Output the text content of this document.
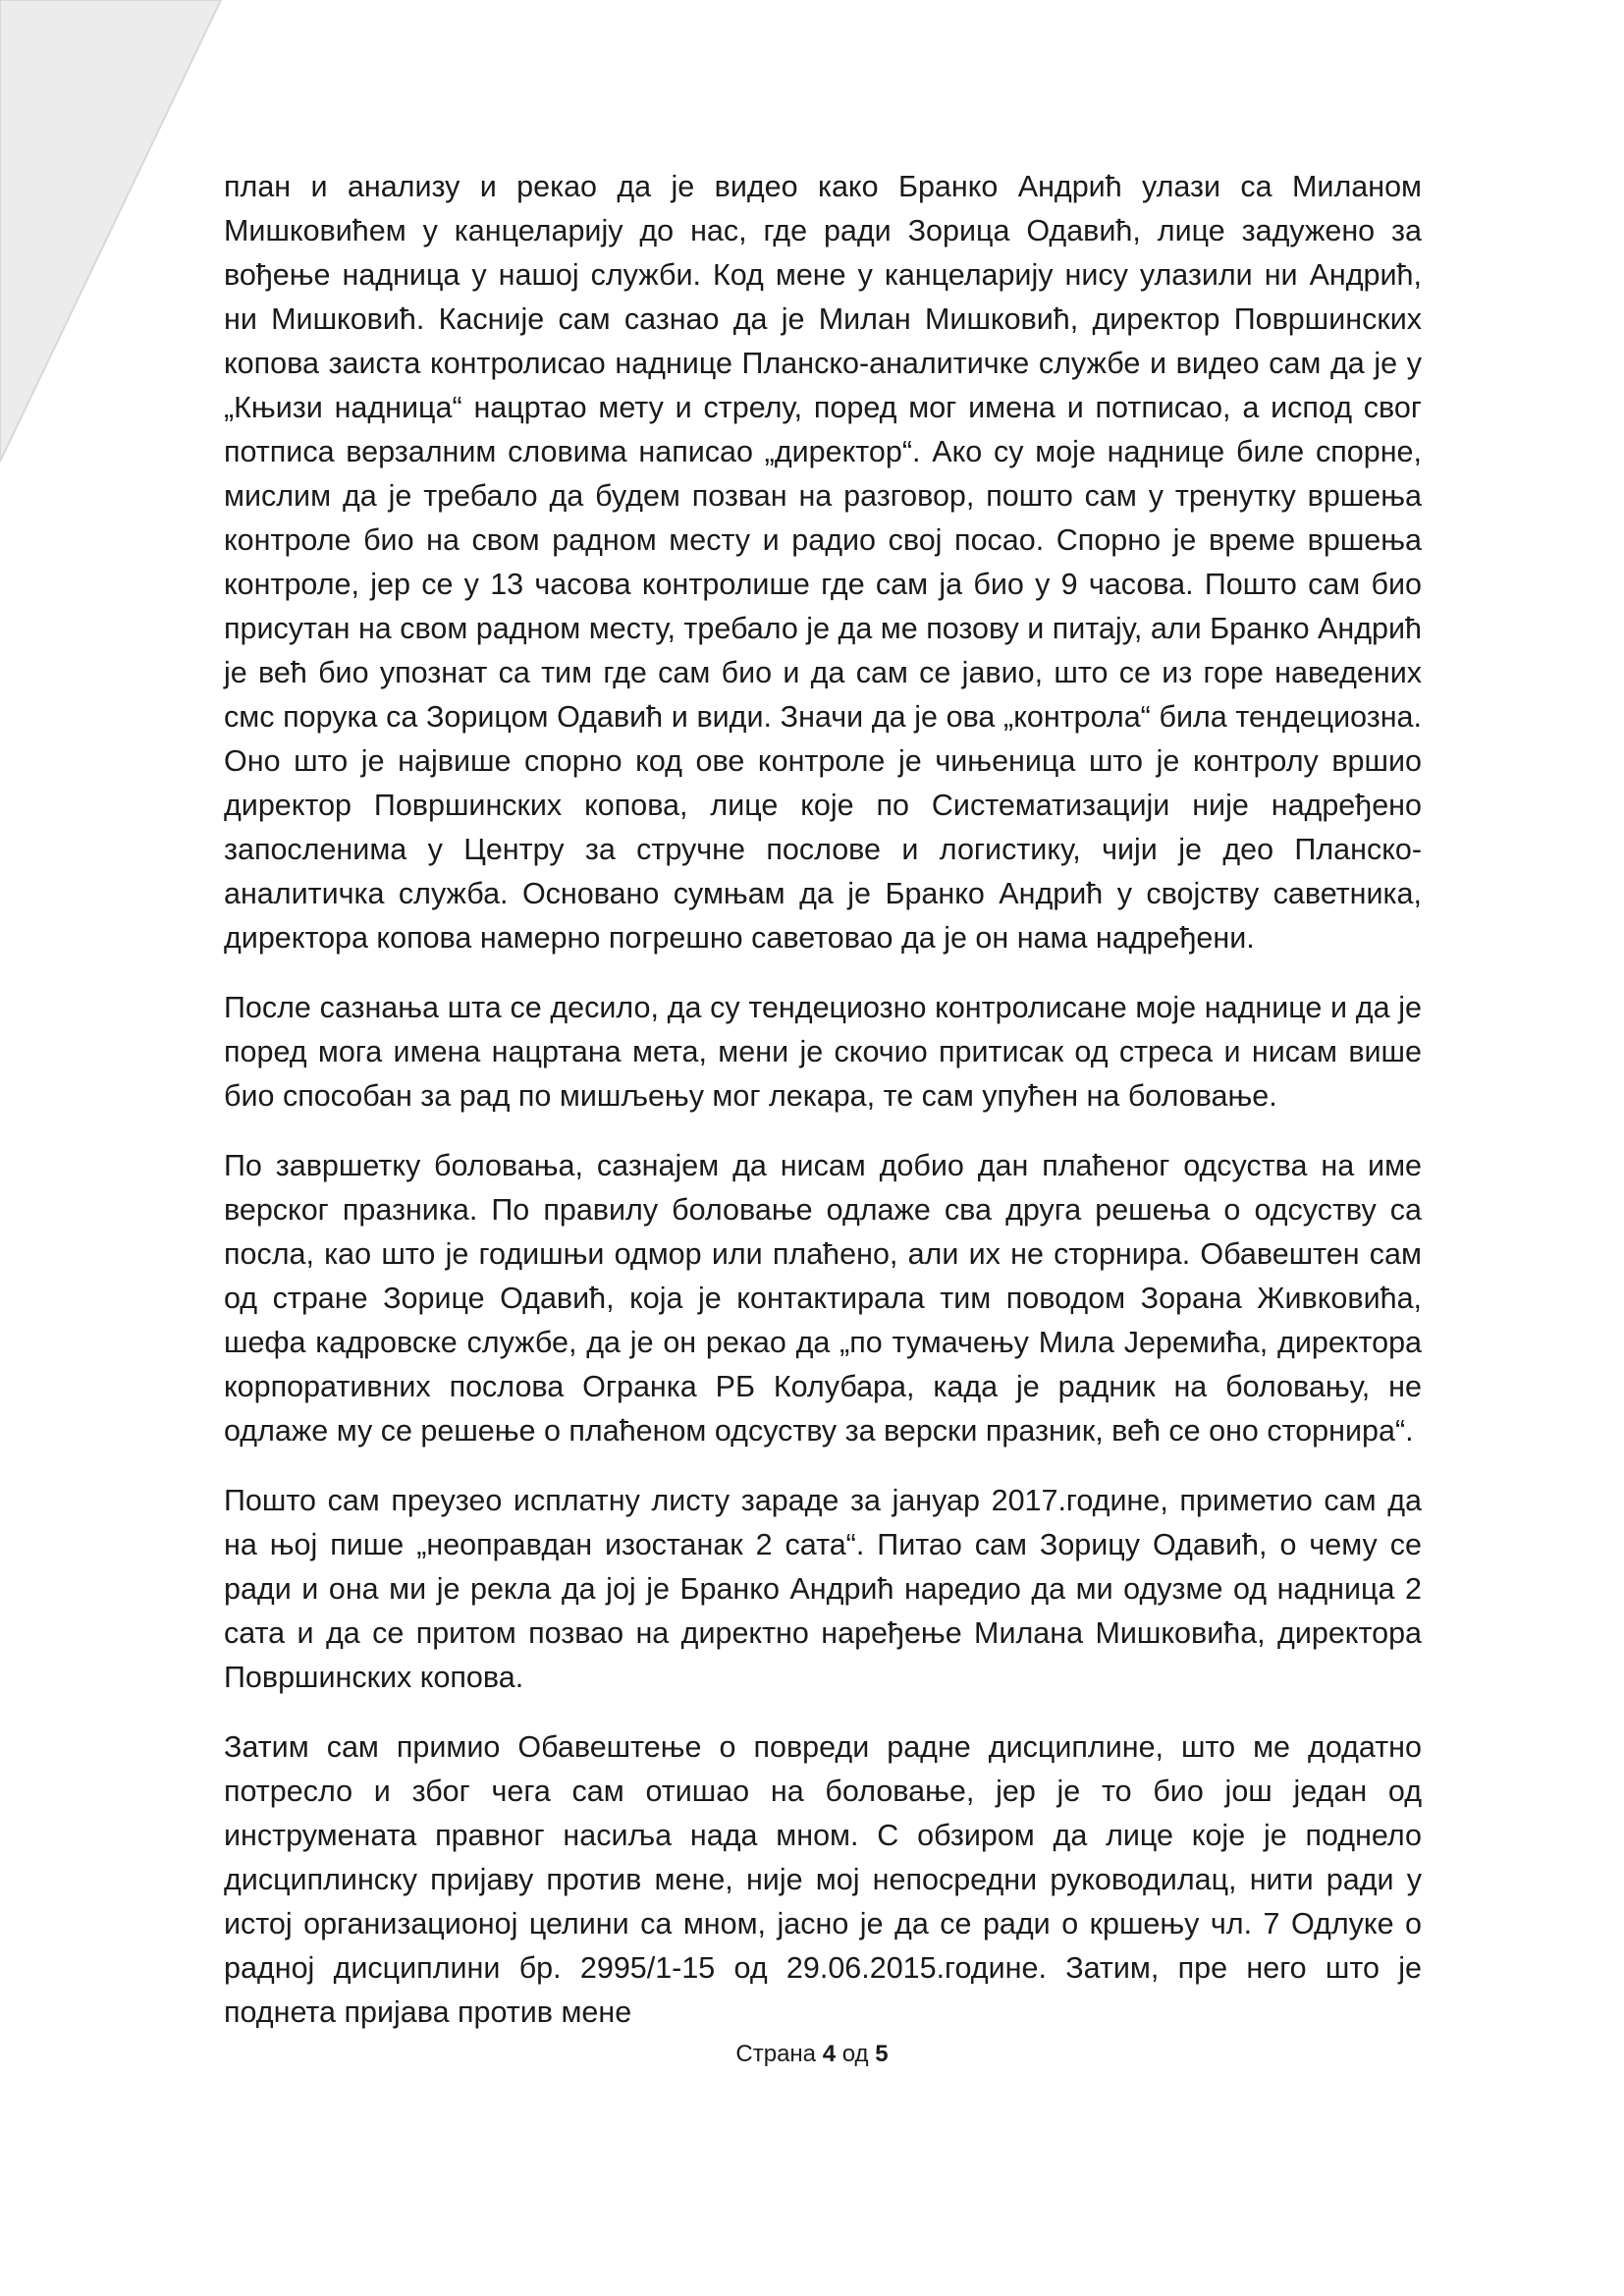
план и анализу и рекао да је видео како Бранко Андрић улази са Миланом Мишковићем у канцеларију до нас, где ради Зорица Одавић, лице задужено за вођење надница у нашој служби. Код мене у канцеларију нису улазили ни Андрић, ни Мишковић. Касније сам сазнао да је Милан Мишковић, директор Површинских копова заиста контролисао наднице Планско-аналитичке службе и видео сам да је у „Књизи надница“ нацртао мету и стрелу, поред мог имена и потписао, а испод свог потписа верзалним словима написао „директор“. Ако су моје наднице биле спорне, мислим да је требало да будем позван на разговор, пошто сам у тренутку вршења контроле био на свом радном месту и радио свој посао. Спорно је време вршења контроле, јер се у 13 часова контролише где сам ја био у 9 часова. Пошто сам био присутан на свом радном месту, требало је да ме позову и питају, али Бранко Андрић је већ био упознат са тим где сам био и да сам се јавио, што се из горе наведених смс порука са Зорицом Одавић и види. Значи да је ова „контрола“ била тендециозна. Оно што је највише спорно код ове контроле је чињеница што је контролу вршио директор Површинских копова, лице које по Систематизацији није надређено запосленима у Центру за стручне послове и логистику, чији је део Планско-аналитичка служба. Основано сумњам да је Бранко Андрић у својству саветника, директора копова намерно погрешно саветовао да је он нама надређени.

После сазнања шта се десило, да су тендециозно контролисане моје наднице и да је поред мога имена нацртана мета, мени је скочио притисак од стреса и нисам више био способан за рад по мишљењу мог лекара, те сам упућен на боловање.

По завршетку боловања, сазнајем да нисам добио дан плаћеног одсуства на име верског празника. По правилу боловање одлаже сва друга решења о одсуству са посла, као што је годишњи одмор или плаћено, али их не сторнира. Обавештен сам од стране Зорице Одавић, која је контактирала тим поводом Зорана Живковића, шефа кадровске службе, да је он рекао да „по тумачењу Мила Јеремића, директора корпоративних послова Огранка РБ Колубара, када је радник на боловању, не одлаже му се решење о плаћеном одсуству за верски празник, већ се оно сторнира“.

Пошто сам преузео исплатну листу зараде за јануар 2017.године, приметио сам да на њој пише „неоправдан изостанак 2 сата“. Питао сам Зорицу Одавић, о чему се ради и она ми је рекла да јој је Бранко Андрић наредио да ми одузме од надница 2 сата и да се притом позвао на директно наређење Милана Мишковића, директора Површинских копова.

Затим сам примио Обавештење о повреди радне дисциплине, што ме додатно потресло и због чега сам отишао на боловање, јер је то био још један од инструмената правног насиља нада мном. С обзиром да лице које је поднело дисциплинску пријаву против мене, није мој непосредни руководилац, нити ради у истој организационој целини са мном, јасно је да се ради о кршењу чл. 7 Одлуке о радној дисциплини бр. 2995/1-15 од 29.06.2015.године. Затим, пре него што је поднета пријава против мене

Страна 4 од 5
